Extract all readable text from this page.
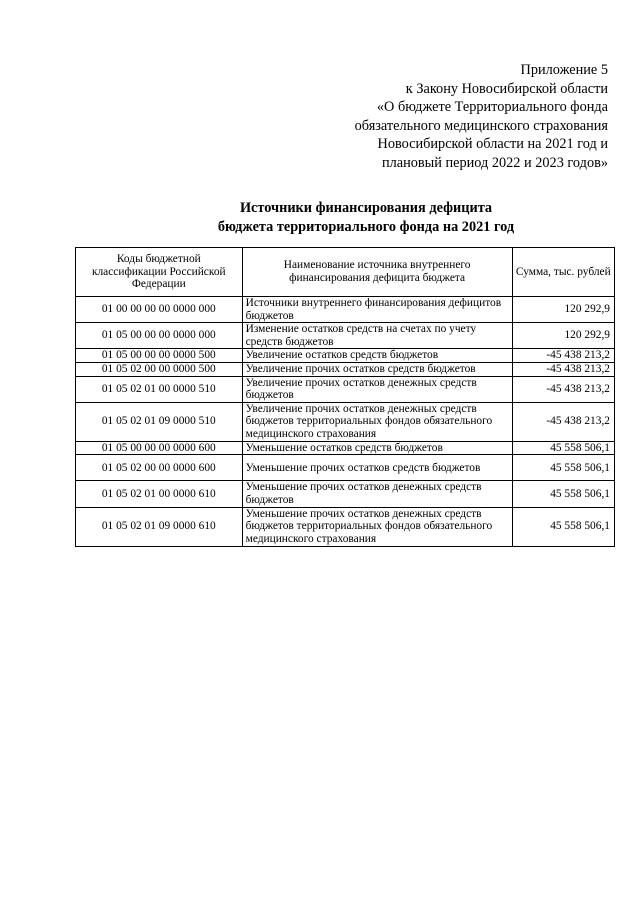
Приложение 5
к Закону Новосибирской области
«О бюджете Территориального фонда
обязательного медицинского страхования
Новосибирской области на 2021 год и
плановый период 2022 и 2023 годов»
Источники финансирования дефицита
бюджета территориального фонда на 2021 год
Коды бюджетной классификации Российской Федерации	Наименование источника внутреннего финансирования дефицита бюджета	Сумма, тыс. рублей
01 00 00 00 00 0000 000	Источники внутреннего финансирования дефицитов бюджетов	120 292,9
01 05 00 00 00 0000 000	Изменение остатков средств на счетах по учету средств бюджетов	120 292,9
01 05 00 00 00 0000 500	Увеличение остатков средств бюджетов	-45 438 213,2
01 05 02 00 00 0000 500	Увеличение прочих остатков средств бюджетов	-45 438 213,2
01 05 02 01 00 0000 510	Увеличение прочих остатков денежных средств бюджетов	-45 438 213,2
01 05 02 01 09 0000 510	Увеличение прочих остатков денежных средств бюджетов территориальных фондов обязательного медицинского страхования	-45 438 213,2
01 05 00 00 00 0000 600	Уменьшение остатков средств бюджетов	45 558 506,1
01 05 02 00 00 0000 600	Уменьшение прочих остатков средств бюджетов	45 558 506,1
01 05 02 01 00 0000 610	Уменьшение прочих остатков денежных средств бюджетов	45 558 506,1
01 05 02 01 09 0000 610	Уменьшение прочих остатков денежных средств бюджетов территориальных фондов обязательного медицинского страхования	45 558 506,1
